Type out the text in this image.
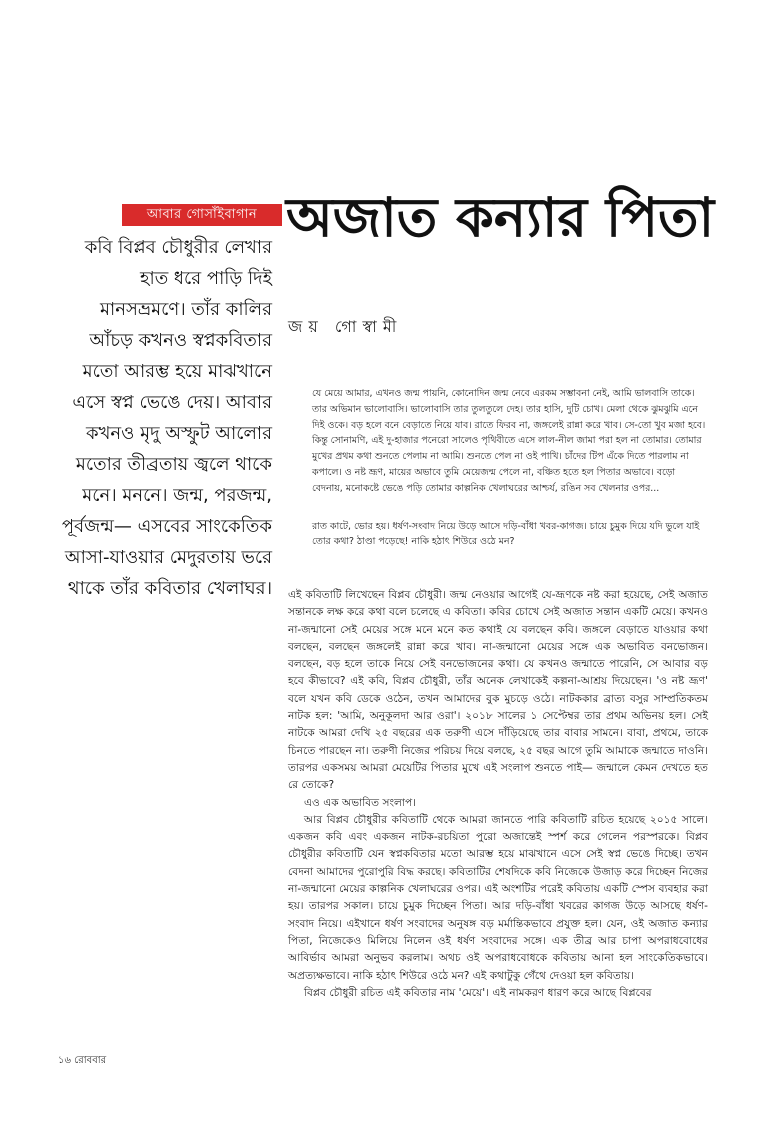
আবার গোসাঁইবাগান অজাত কন্যার পিতা
জয় গোস্বামী

কবি বিপ্লব চৌধুরীর লেখার হাত ধরে পাড়ি দিই মানসভ্রমণে। তাঁর কালির আঁচড় কখনও স্বপ্নকবিতার মতো আরম্ভ হয়ে মাঝখানে এসে স্বপ্ন ভেঙে দেয়। আবার কখনও মৃদু অস্ফুট আলোর মতোর তীব্রতায় জ্বলে থাকে মনে। মননে। জন্ম, পরজন্ম, পূর্বজন্ম— এসবের সাংকেতিক আসা-যাওয়ার মেদুরতায় ভরে থাকে তাঁর কবিতার খেলাঘর।

যে মেয়ে আমার, এখনও জন্ম পায়নি, কোনোদিন জন্ম নেবে এরকম সম্ভাবনা নেই, আমি ভালবাসি তাকে। তার অভিমান ভালোবাসি। ভালোবাসি তার তুলতুলে দেহ। তার হাসি, দুটি চোখ। মেলা থেকে ঝুমঝুমি এনে দিই ওকে। বড় হলে বনে বেড়াতে নিয়ে যাব। রাতে ফিরব না, জঙ্গলেই রান্না করে খাব। সে-তো খুব মজা হবে। কিন্তু সোনামণি, এই দু-হাজার পনেরো সালেও পৃথিবীতে এসে লাল-নীল জামা পরা হল না তোমার। তোমার মুখের প্রথম কথা শুনতে পেলাম না আমি। শুনতে পেল না ওই পাখি। চাঁদের টিপ এঁকে দিতে পারলাম না কপালে। ও নষ্ট ভ্রূণ, মায়ের অভাবে তুমি মেয়েজন্ম পেলে না, বঞ্চিত হতে হল পিতার অভাবে। বড়ো বেদনায়, মনোকষ্টে ভেঙে পড়ি তোমার কাল্পনিক খেলাঘরের আশ্চর্য, রঙিন সব খেলনার ওপর...

রাত কাটে, ভোর হয়। ধর্ষণ-সংবাদ নিয়ে উড়ে আসে দড়ি-বাঁধা খবর-কাগজ। চায়ে চুমুক দিয়ে যদি ভুলে যাই তোর কথা? ঠাণ্ডা পড়েছে! নাকি হঠাৎ শিউরে ওঠে মন?

এই কবিতাটি লিখেছেন বিপ্লব চৌধুরী। জন্ম নেওয়ার আগেই যে-ভ্রূণকে নষ্ট করা হয়েছে, সেই অজাত সন্তানকে লক্ষ করে কথা বলে চলেছে এ কবিতা। কবির চোখে সেই অজাত সন্তান একটি মেয়ে। কখনও না-জন্মানো সেই মেয়ের সঙ্গে মনে মনে কত কথাই যে বলছেন কবি। জঙ্গলে বেড়াতে যাওয়ার কথা বলছেন, বলছেন জঙ্গলেই রান্না করে খাব। না-জন্মানো মেয়ের সঙ্গে এক অভাবিত বনভোজন। বলছেন, বড় হলে তাকে নিয়ে সেই বনভোজনের কথা। যে কখনও জন্মাতে পারেনি, সে আবার বড় হবে কীভাবে? এই কবি, বিপ্লব চৌধুরী, তাঁর অনেক লেখাকেই কল্পনা-আশ্রয় দিয়েছেন। 'ও নষ্ট ভ্রূণ' বলে যখন কবি ডেকে ওঠেন, তখন আমাদের বুক মুচড়ে ওঠে। নাটককার ব্রাত্য বসুর সাম্প্রতিকতম নাটক হল: 'আমি, অনুকূলদা আর ওরা'। ২০১৮ সালের ১ সেপ্টেম্বর তার প্রথম অভিনয় হল। সেই নাটকে আমরা দেখি ২৫ বছরের এক তরুণী এসে দাঁড়িয়েছে তার বাবার সামনে। বাবা, প্রথমে, তাকে চিনতে পারছেন না। তরুণী নিজের পরিচয় দিয়ে বলছে, ২৫ বছর আগে তুমি আমাকে জন্মাতে দাওনি। তারপর একসময় আমরা মেয়েটির পিতার মুখে এই সংলাপ শুনতে পাই— জন্মালে কেমন দেখতে হত রে তোকে?

এও এক অভাবিত সংলাপ।

আর বিপ্লব চৌধুরীর কবিতাটি থেকে আমরা জানতে পারি কবিতাটি রচিত হয়েছে ২০১৫ সালে। একজন কবি এবং একজন নাটক-রচয়িতা পুরো অজান্তেই স্পর্শ করে গেলেন পরস্পরকে। বিপ্লব চৌধুরীর কবিতাটি যেন স্বপ্নকবিতার মতো আরম্ভ হয়ে মাঝখানে এসে সেই স্বপ্ন ভেঙে দিচ্ছে। তখন বেদনা আমাদের পুরোপুরি বিদ্ধ করছে। কবিতাটির শেষদিকে কবি নিজেকে উজাড় করে দিচ্ছেন নিজের না-জন্মানো মেয়ের কাল্পনিক খেলাঘরের ওপর। এই অংশটির পরেই কবিতায় একটি স্পেস ব্যবহার করা হয়। তারপর সকাল। চায়ে চুমুক দিচ্ছেন পিতা। আর দড়ি-বাঁধা খবরের কাগজ উড়ে আসছে ধর্ষণ-সংবাদ নিয়ে। এইখানে ধর্ষণ সংবাদের অনুষঙ্গ বড় মর্মান্তিকভাবে প্রযুক্ত হল। যেন, ওই অজাত কন্যার পিতা, নিজেকেও মিলিয়ে নিলেন ওই ধর্ষণ সংবাদের সঙ্গে। এক তীব্র আর চাপা অপরাধবোধের আবির্ভাব আমরা অনুভব করলাম। অথচ ওই অপরাধবোধকে কবিতায় আনা হল সাংকেতিকভাবে। অপ্রত্যক্ষভাবে। নাকি হঠাৎ শিউরে ওঠে মন? এই কথাটুকু গেঁথে দেওয়া হল কবিতায়।

বিপ্লব চৌধুরী রচিত এই কবিতার নাম 'মেয়ে'। এই নামকরণ ধারণ করে আছে বিপ্লবের

১৬ রোববার
